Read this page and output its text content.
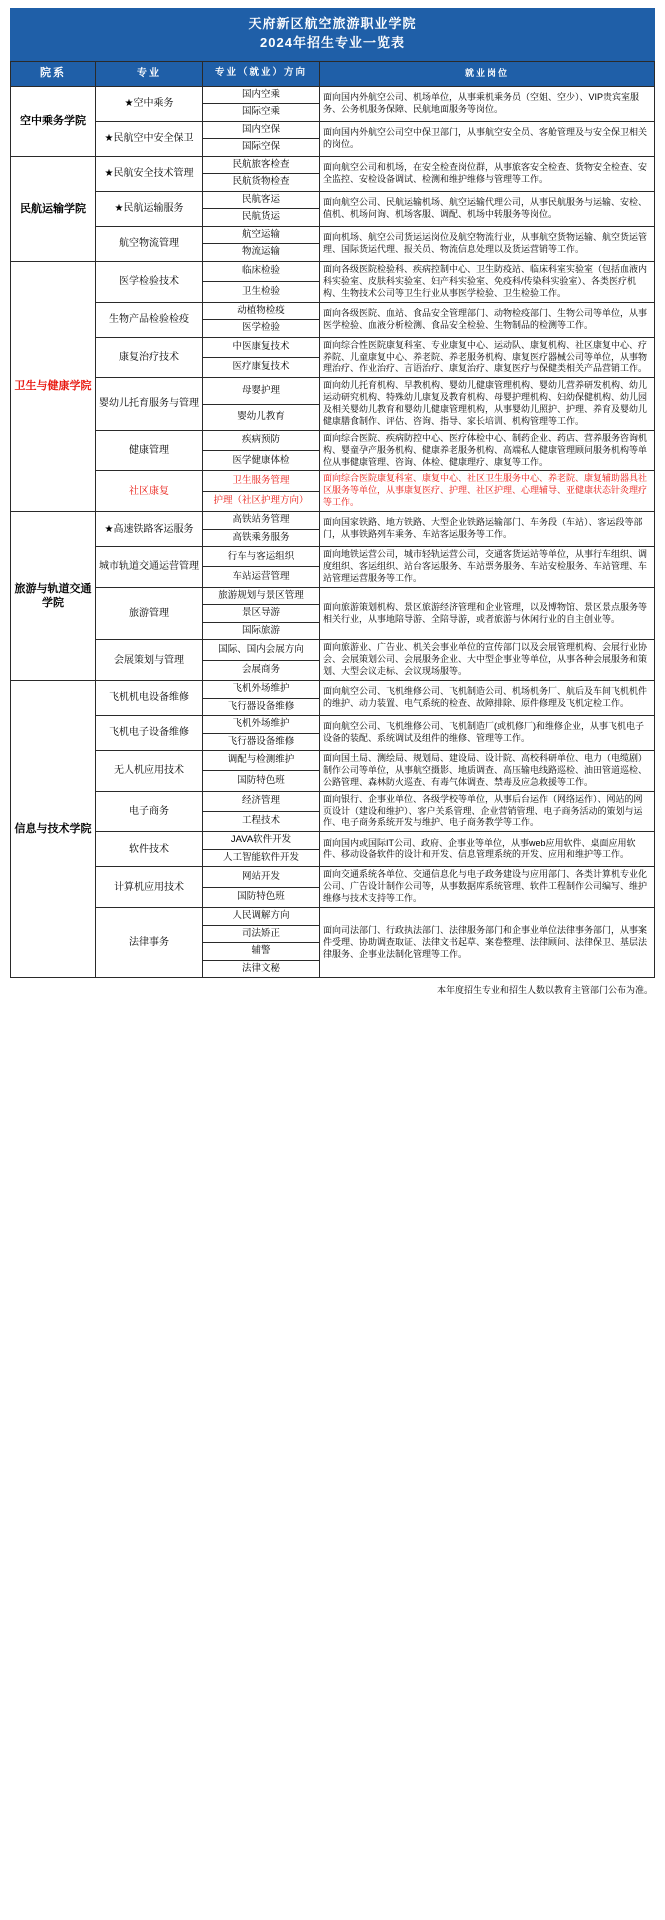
天府新区航空旅游职业学院
2024年招生专业一览表
院系	专业	专业（就业）方向	就业岗位
空中乘务学院	★空中乘务	国内空乘	面向国内外航空公司、机场单位，从事乘机乘务员（空姐、空少）、VIP贵宾室服务、公务机服务保障、民航地面服务等岗位。
		国际空乘	
	★民航空中安全保卫	国内空保	面向国内外航空公司空中保卫部门，从事航空安全员、客舱管理及与安全保卫相关的岗位。
		国际空保	
民航运输学院	★民航安全技术管理	民航旅客检查	面向航空公司和机场，在安全检查岗位群，从事旅客安全检查、货物安全检查、安全监控、安检设备调试、检测和维护维修与管理等工作。
		民航货物检查	
	★民航运输服务	民航客运	面向航空公司、民航运输机场、航空运输代理公司，从事民航服务与运输、安检、值机、机场问询、机场客服、调配、机场中转服务等岗位。
		民航货运	
	航空物流管理	航空运输	面向机场、航空公司货运运岗位及航空物流行业，从事航空货物运输、航空货运管理、国际货运代理、报关员、物流信息处理以及货运营销等工作。
		物流运输	
卫生与健康学院	医学检验技术	临床检验	面向各级医院检验科、疾病控制中心、卫生防疫站、临床科室实验室（包括血液内科实验室、皮肤科实验室、妇产科实验室、免疫科/传染科实验室）、各类医疗机构、生物技术公司等卫生行业从事医学检验、卫生检验工作。
		卫生检验	
	生物产品检验检疫	动植物检疫	面向各级医院、血站、食品安全管理部门、动物检疫部门、生物公司等单位，从事医学检验、血液分析检测、食品安全检验、生物制品的检测等工作。
		医学检验	
	康复治疗技术	中医康复技术	面向综合性医院康复科室、专业康复中心、运动队、康复机构、社区康复中心、疗养院、儿童康复中心、养老院、养老服务机构、康复医疗器械公司等单位，从事物理治疗、作业治疗、言语治疗、康复治疗、康复医疗与保健类相关产品营销工作。
		医疗康复技术	
	婴幼儿托育服务与管理	母婴护理	面向幼儿托育机构、早教机构、婴幼儿健康管理机构、婴幼儿营养研发机构、幼儿运动研究机构、特殊幼儿康复及教育机构、母婴护理机构、妇幼保健机构、幼儿园及相关婴幼儿教育和婴幼儿健康管理机构，从事婴幼儿照护、护理、养育及婴幼儿健康膳食制作、评估、咨询、指导、家长培训、机构管理等工作。
		婴幼儿教育	
	健康管理	疾病预防	面向综合医院、疾病防控中心、医疗体检中心、制药企业、药店、营养服务咨询机构、婴童孕产服务机构、健康养老服务机构、高端私人健康管理顾问服务机构等单位从事健康管理、咨询、体检、健康理疗、康复等工作。
		医学健康体检	
	社区康复	卫生服务管理	面向综合医院康复科室、康复中心、社区卫生服务中心、养老院、康复辅助器具社区服务等单位，从事康复医疗、护理、社区护理、心理辅导、亚健康状态针灸理疗等工作。
		护理（社区护理方向）	
旅游与轨道交通学院	★高速铁路客运服务	高铁站务管理	面向国家铁路、地方铁路、大型企业铁路运输部门、车务段（车站）、客运段等部门，从事铁路列车乘务、车站客运服务等工作。
		高铁乘务服务	
	城市轨道交通运营管理	行车与客运组织	面向地铁运营公司，城市轻轨运营公司，交通客货运站等单位，从事行车组织、调度组织、客运组织、站台客运服务、车站票务服务、车站安检服务、车站管理、车站管理运营服务等工作。
		车站运营管理	
	旅游管理	旅游规划与景区管理	面向旅游策划机构、景区旅游经济管理和企业管理，以及博物馆、景区景点服务等相关行业，从事地陪导游、全陪导游，或者旅游与休闲行业的自主创业等。
		景区导游	
		国际旅游	
	会展策划与管理	国际、国内会展方向	面向旅游业、广告业、机关会事业单位的宣传部门以及会展管理机构、会展行业协会、会展策划公司、会展服务企业、大中型企事业等单位，从事各种会展服务和策划、大型会议走标、会议现场服等。
		会展商务	
信息与技术学院	飞机机电设备维修	飞机外场维护	面向航空公司、飞机维修公司、飞机制造公司、机场机务厂、航后及车间飞机机件的维护、动力装置、电气系统的检查、故障排除、原件修理及飞机定检工作。
		飞行器设备维修	
	飞机电子设备维修	飞机外场维护	面向航空公司、飞机维修公司、飞机制造厂(或机修厂)和维修企业，从事飞机电子设备的装配、系统调试及组件的维修、管理等工作。
		飞行器设备维修	
	无人机应用技术	调配与检测维护	面向国土局、测绘局、规划局、建设局、设计院、高校科研单位、电力（电缆剧）制作公司等单位，从事航空摄影、地质调查、高压输电线路巡检、油田管道巡检、公路管理、森林防火巡查、有毒气体调查、禁毒及应急救援等工作。
		国防特色班	
	电子商务	经济管理	面向银行、企事业单位、各级学校等单位，从事后台运作（网络运作）、网站的网页设计（建设和维护）、客户关系管理、企业营销管理、电子商务活动的策划与运作、电子商务系统开发与维护、电子商务教学等工作。
		工程技术	
	软件技术	JAVA软件开发	面向国内或国际IT公司、政府、企事业等单位，从事web应用软件、桌面应用软件、移动设备软件的设计和开发、信息管理系统的开发、应用和维护等工作。
		人工智能软件开发	
	计算机应用技术	网站开发	面向交通系统各单位、交通信息化与电子政务建设与应用部门、各类计算机专业化公司、广告设计制作公司等，从事数据库系统管理、软件工程制作公司编写、维护维修与技术支持等工作。
		国防特色班	
	法律事务	人民调解方向	面向司法部门、行政执法部门、法律服务部门和企事业单位法律事务部门，从事案件受理、协助调查取证、法律文书起草、案卷整理、法律顾问、法律保卫、基层法律服务、企事业法制化管理等工作。
		司法矫正	
		辅警	
		法律文秘	
本年度招生专业和招生人数以教育主管部门公布为准。
